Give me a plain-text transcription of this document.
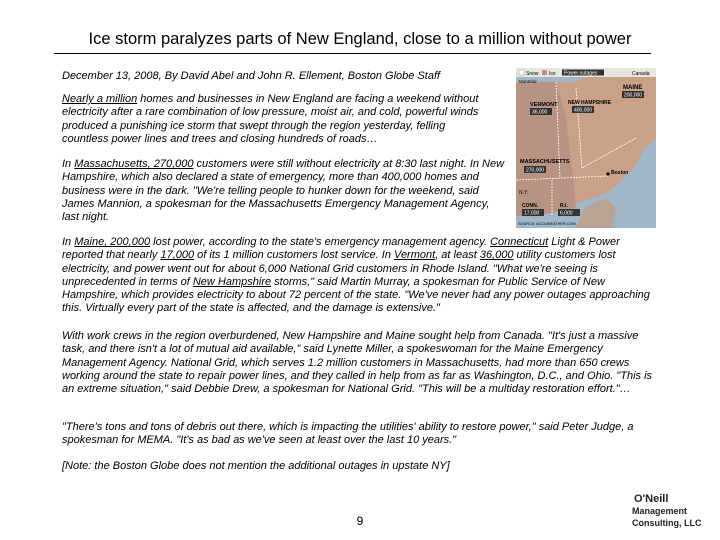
Ice storm paralyzes parts of New England, close to a million without power

December 13, 2008, By David Abel and John R. Ellement, Boston Globe Staff

Nearly a million homes and businesses in New England are facing a weekend without electricity after a rare combination of low pressure, moist air, and cold, powerful winds produced a punishing ice storm that swept through the region yesterday, felling countless power lines and trees and closing hundreds of roads…

In Massachusetts, 270,000 customers were still without electricity at 8:30 last night. In New Hampshire, which also declared a state of emergency, more than 400,000 homes and business were in the dark. "We're telling people to hunker down for the weekend, said James Mannion, a spokesman for the Massachusetts Emergency Management Agency, last night.

In Maine, 200,000 lost power, according to the state's emergency management agency. Connecticut Light & Power reported that nearly 17,000 of its 1 million customers lost service. In Vermont, at least 36,000 utility customers lost electricity, and power went out for about 6,000 National Grid customers in Rhode Island. "What we're seeing is unprecedented in terms of New Hampshire storms," said Martin Murray, a spokesman for Public Service of New Hampshire, which provides electricity to about 72 percent of the state. "We've never had any power outages approaching this. Virtually every part of the state is affected, and the damage is extensive."

With work crews in the region overburdened, New Hampshire and Maine sought help from Canada. "It's just a massive task, and there isn't a lot of mutual aid available," said Lynette Miller, a spokeswoman for the Maine Emergency Management Agency. National Grid, which serves 1.2 million customers in Massachusetts, had more than 650 crews working around the state to repair power lines, and they called in help from as far as Washington, D.C., and Ohio. "This is an extreme situation," said Debbie Drew, a spokesman for National Grid. "This will be a multiday restoration effort."…

"There's tons and tons of debris out there, which is impacting the utilities' ability to restore power," said Peter Judge, a spokesman for MEMA. "It's as bad as we've seen at least over the last 10 years."

[Note: the Boston Globe does not mention the additional outages in upstate NY]

Snow Ice Power outages	Canada
Montréal
MAINE
200,000
VERMONT
36,000
NEW HAMPSHIRE
400,000
MASSACHUSETTS
270,000	Boston
N.Y.
CONN.
17,000
R.I.
6,000
SOURCE: ACCUWEATHER.COM
9
O'Neill
Management
Consulting, LLC
